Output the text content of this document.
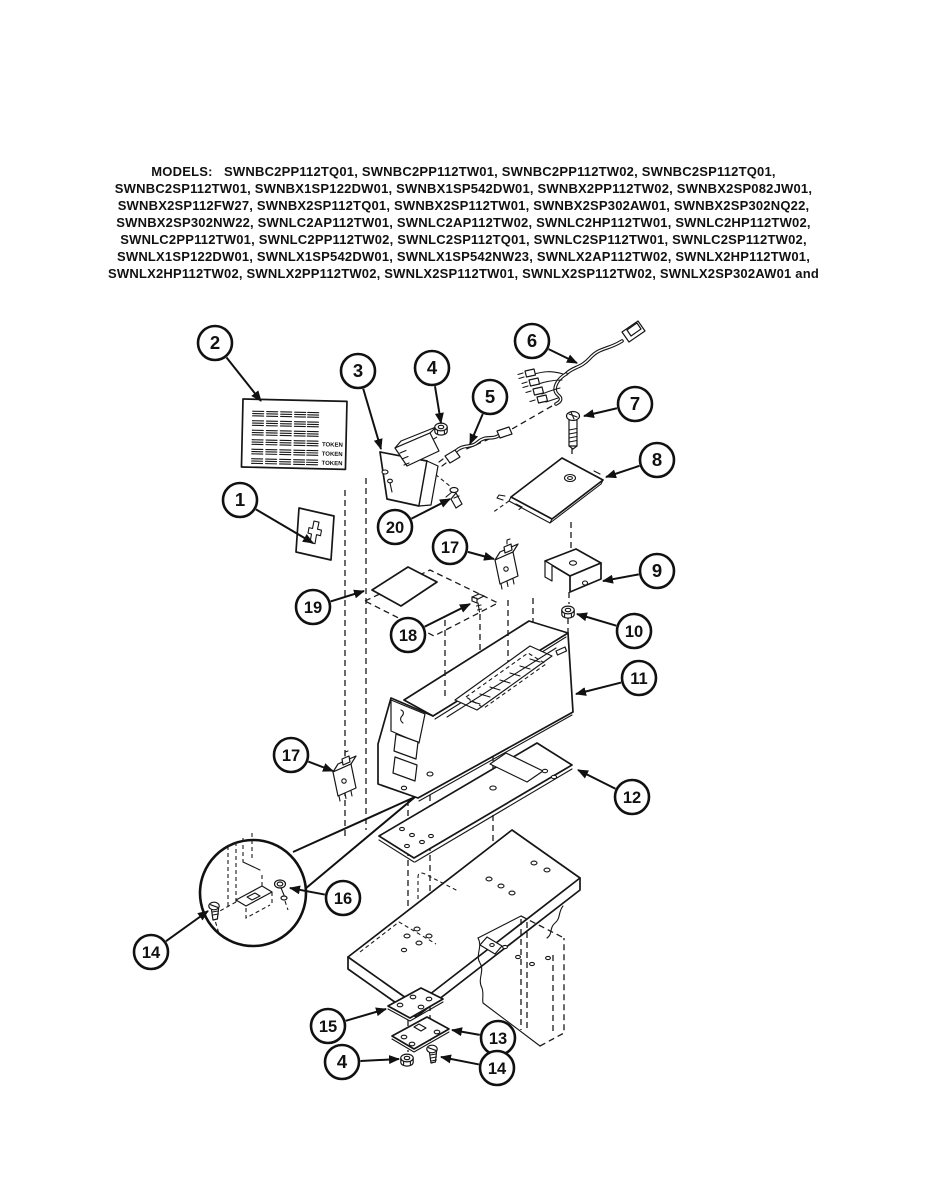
MODELS:   SWNBC2PP112TQ01, SWNBC2PP112TW01, SWNBC2PP112TW02, SWNBC2SP112TQ01,
SWNBC2SP112TW01, SWNBX1SP122DW01, SWNBX1SP542DW01, SWNBX2PP112TW02, SWNBX2SP082JW01,
SWNBX2SP112FW27, SWNBX2SP112TQ01, SWNBX2SP112TW01, SWNBX2SP302AW01, SWNBX2SP302NQ22,
SWNBX2SP302NW22, SWNLC2AP112TW01, SWNLC2AP112TW02, SWNLC2HP112TW01, SWNLC2HP112TW02,
SWNLC2PP112TW01, SWNLC2PP112TW02, SWNLC2SP112TQ01, SWNLC2SP112TW01, SWNLC2SP112TW02,
SWNLX1SP122DW01, SWNLX1SP542DW01, SWNLX1SP542NW23, SWNLX2AP112TW02, SWNLX2HP112TW01,
SWNLX2HP112TW02, SWNLX2PP112TW02, SWNLX2SP112TW01, SWNLX2SP112TW02, SWNLX2SP302AW01 and
TOKEN
TOKEN
TOKEN
1
2
3	4
5
6
7
8
9
10
11
12
13
14
14
15
16
17
17
18
19
20
4
